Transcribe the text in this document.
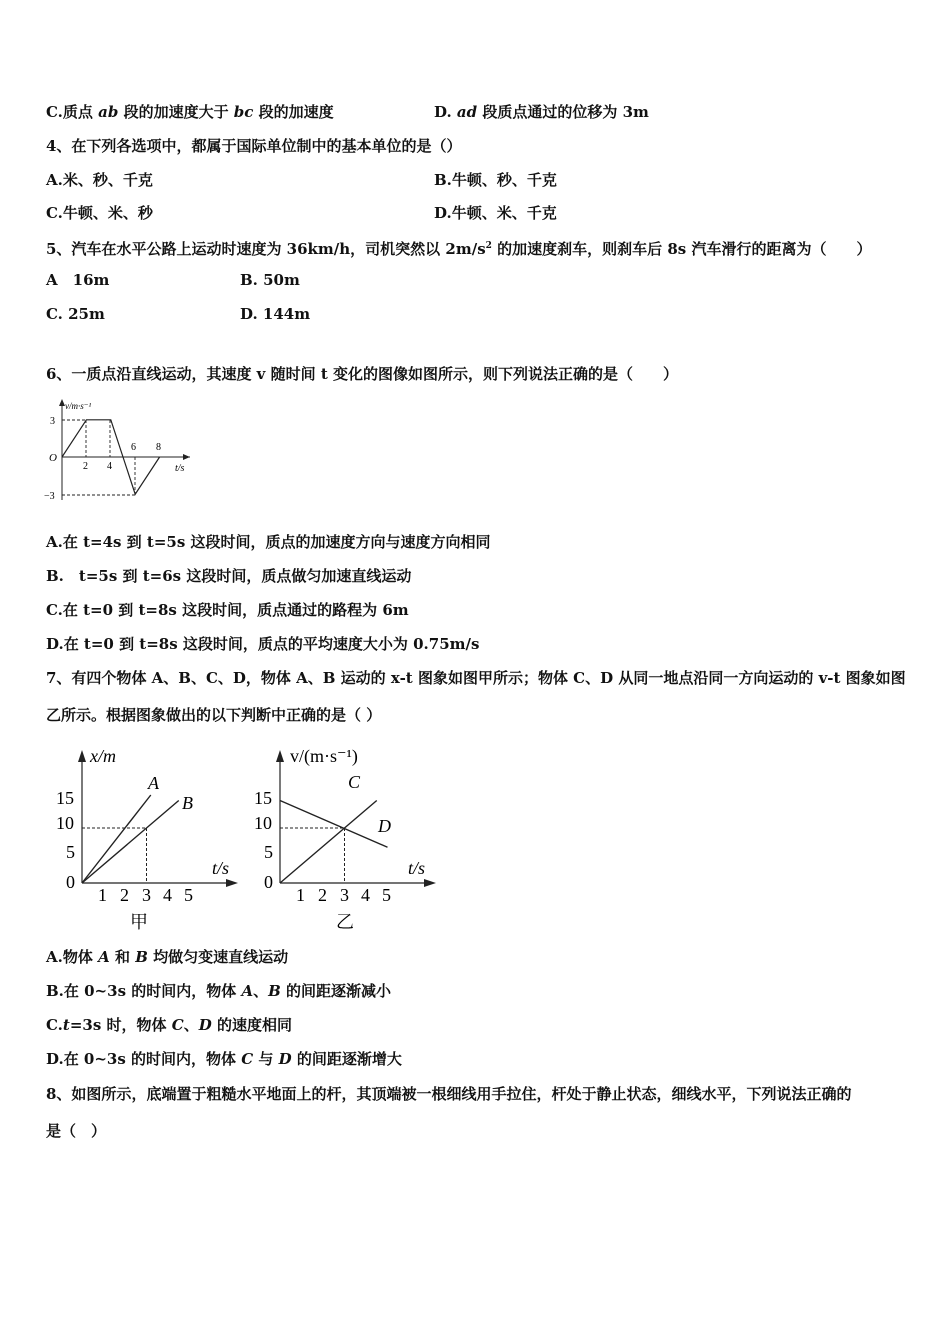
C.质点 ab 段的加速度大于 bc 段的加速度	D. ad 段质点通过的位移为 3m
4、在下列各选项中，都属于国际单位制中的基本单位的是（）
A.米、秒、千克	B.牛顿、秒、千克
C.牛顿、米、秒	D.牛顿、米、千克
5、汽车在水平公路上运动时速度为 36km/h，司机突然以 $2m/s^2$ 的加速度刹车，则刹车后 8s 汽车滑行的距离为（　　）
A　16m	B. 50m
C. 25m	D. 144m
6、一质点沿直线运动，其速度 v 随时间 t 变化的图像如图所示，则下列说法正确的是（　　）
v/m·s⁻¹
3
−3
O
2 4
6 8
t/s
A.在 t=4s 到 t=5s 这段时间，质点的加速度方向与速度方向相同
B.　t=5s 到 t=6s 这段时间，质点做匀加速直线运动
C.在 t=0 到 t=8s 这段时间，质点通过的路程为 6m
D.在 t=0 到 t=8s 这段时间，质点的平均速度大小为 0.75m/s
7、有四个物体 A、B、C、D，物体 A、B 运动的 x-t 图象如图甲所示；物体 C、D 从同一地点沿同一方向运动的 v-t 图象如图
乙所示。根据图象做出的以下判断中正确的是（ ）
x/m
A
B
15
10
5
0
1 2 3 4 5
t/s
甲
v/(m·s⁻¹)
C
D
15
10
5
0
1 2 3 4 5
t/s
乙
A.物体 A 和 B 均做匀变速直线运动
B.在 0~3s 的时间内，物体 A、B 的间距逐渐减小
C.t=3s 时，物体 C、D 的速度相同
D.在 0~3s 的时间内，物体 C 与 D 的间距逐渐增大
8、如图所示，底端置于粗糙水平地面上的杆，其顶端被一根细线用手拉住，杆处于静止状态，细线水平，下列说法正确的
是（　）
